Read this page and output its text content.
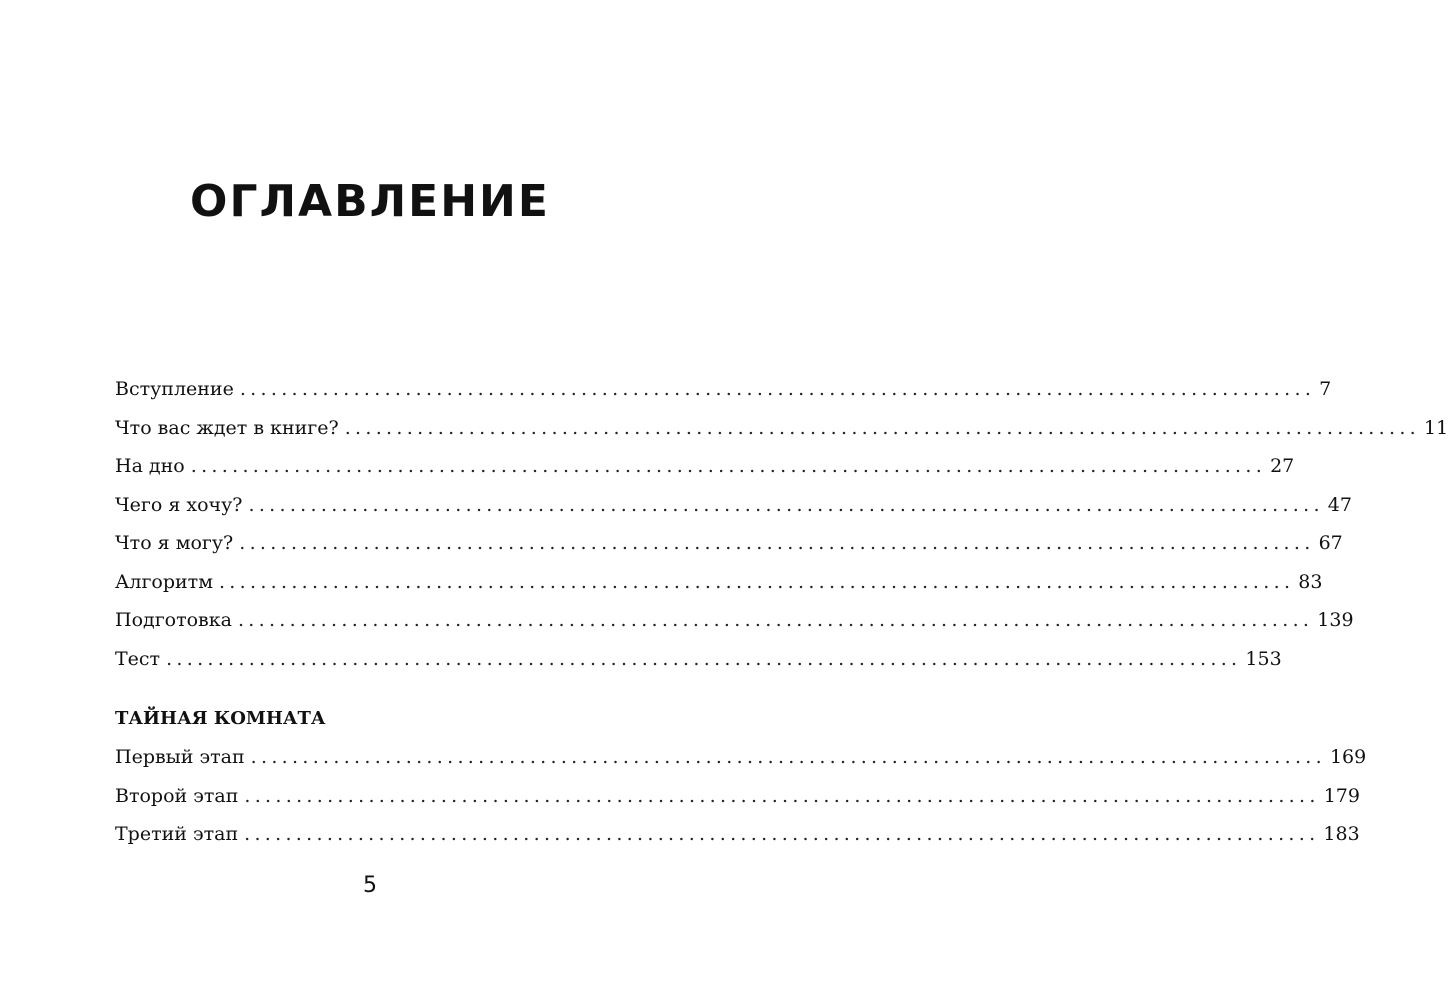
ОГЛАВЛЕНИЕ
Вступление ........................................................................................................ 7
Что вас ждет в книге? ........................................................................................................ 11
На дно ........................................................................................................ 27
Чего я хочу? ........................................................................................................ 47
Что я могу? ........................................................................................................ 67
Алгоритм ........................................................................................................ 83
Подготовка ........................................................................................................ 139
Тест ........................................................................................................ 153
ТАЙНАЯ КОМНАТА
Первый этап ........................................................................................................ 169
Второй этап ........................................................................................................ 179
Третий этап ........................................................................................................ 183
5
